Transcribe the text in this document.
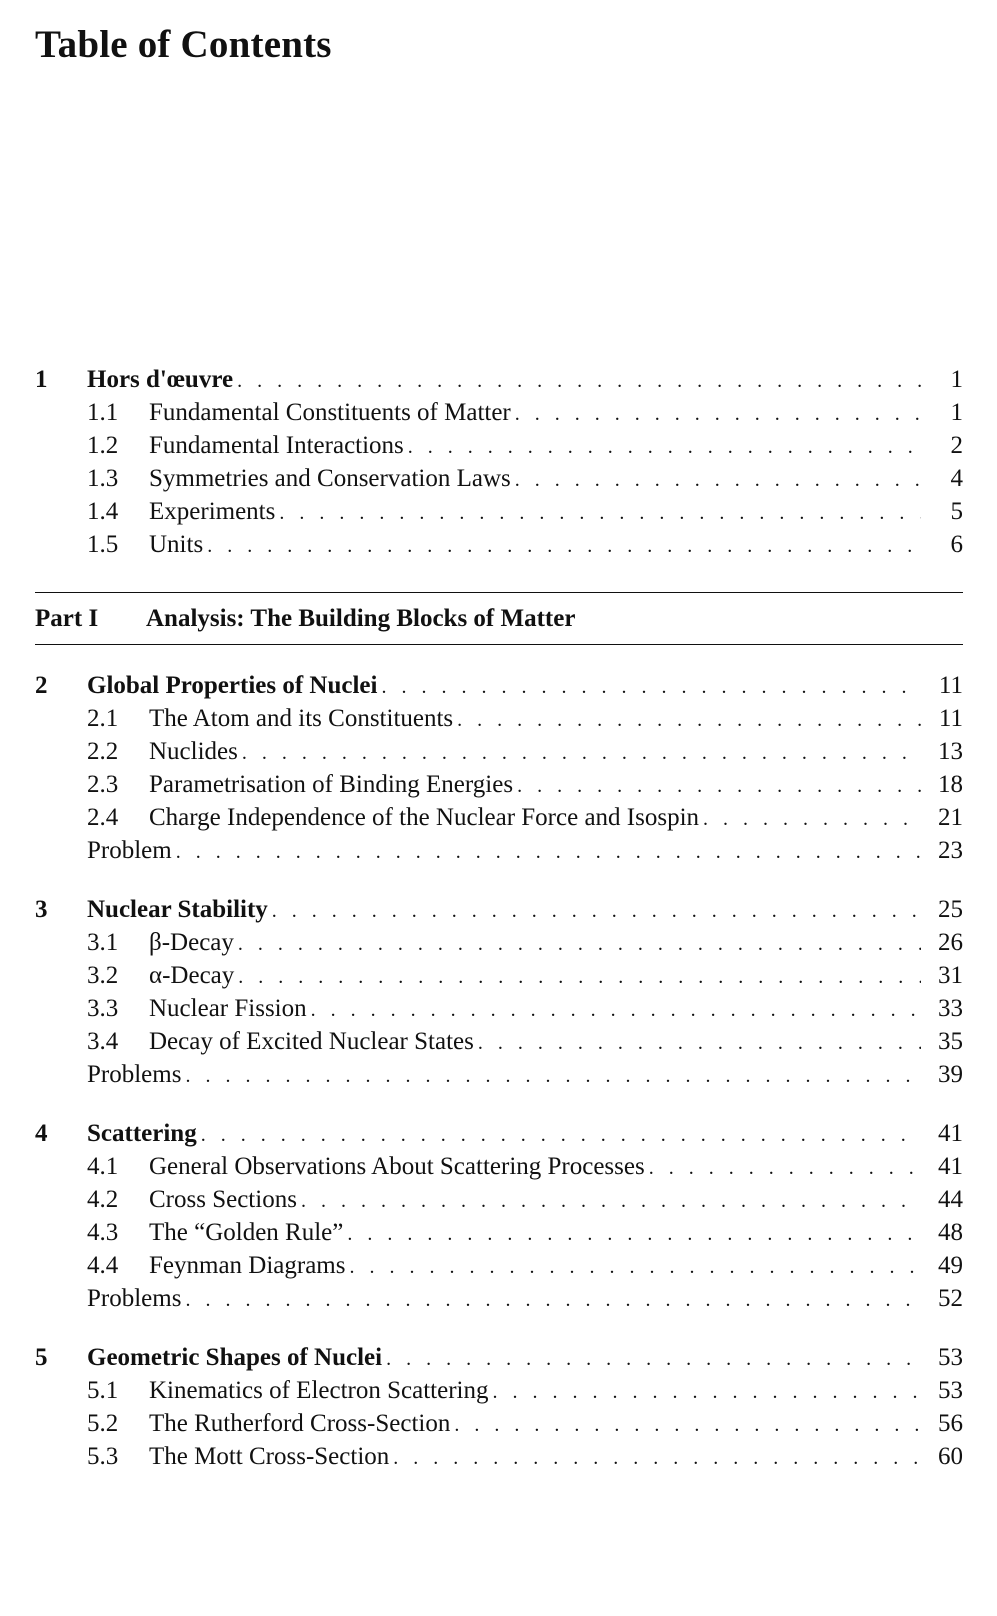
Table of Contents
1	Hors d'œuvre . . .	1
1.1	Fundamental Constituents of Matter . . .	1
1.2	Fundamental Interactions . . .	2
1.3	Symmetries and Conservation Laws . . .	4
1.4	Experiments . . .	5
1.5	Units . . .	6
Part I	Analysis: The Building Blocks of Matter
2	Global Properties of Nuclei . . .	11
2.1	The Atom and its Constituents . . .	11
2.2	Nuclides . . .	13
2.3	Parametrisation of Binding Energies . . .	18
2.4	Charge Independence of the Nuclear Force and Isospin . . .	21
Problem . . .	23
3	Nuclear Stability . . .	25
3.1	β-Decay . . .	26
3.2	α-Decay . . .	31
3.3	Nuclear Fission . . .	33
3.4	Decay of Excited Nuclear States . . .	35
Problems . . .	39
4	Scattering . . .	41
4.1	General Observations About Scattering Processes . . .	41
4.2	Cross Sections . . .	44
4.3	The “Golden Rule” . . .	48
4.4	Feynman Diagrams . . .	49
Problems . . .	52
5	Geometric Shapes of Nuclei . . .	53
5.1	Kinematics of Electron Scattering . . .	53
5.2	The Rutherford Cross-Section . . .	56
5.3	The Mott Cross-Section . . .	60
